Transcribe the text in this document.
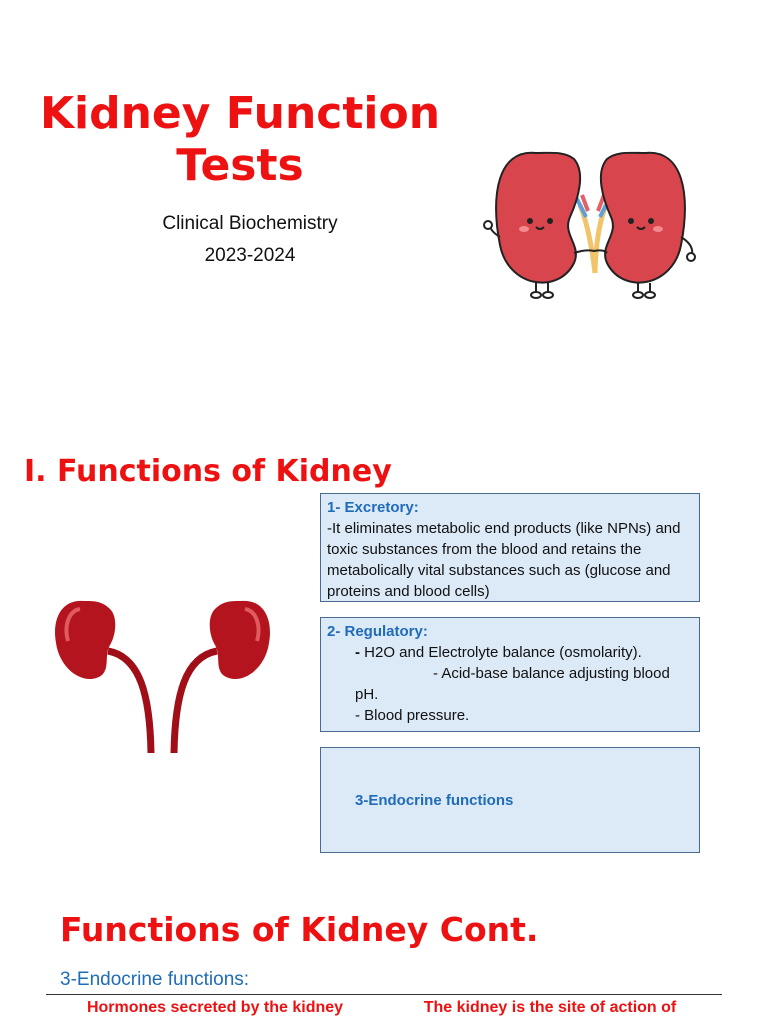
Kidney Function
Tests
Clinical Biochemistry
2023-2024
I. Functions of Kidney
1- Excretory:
-It eliminates metabolic end products (like NPNs) and toxic substances from the blood and retains the metabolically vital substances such as (glucose and proteins and blood cells)
2- Regulatory:
- H2O and Electrolyte balance (osmolarity).
- Acid-base balance adjusting blood
pH.
- Blood pressure.
3-Endocrine functions
Functions of Kidney Cont.
3-Endocrine functions:
Hormones secreted by the kidney	The kidney is the site of action of
